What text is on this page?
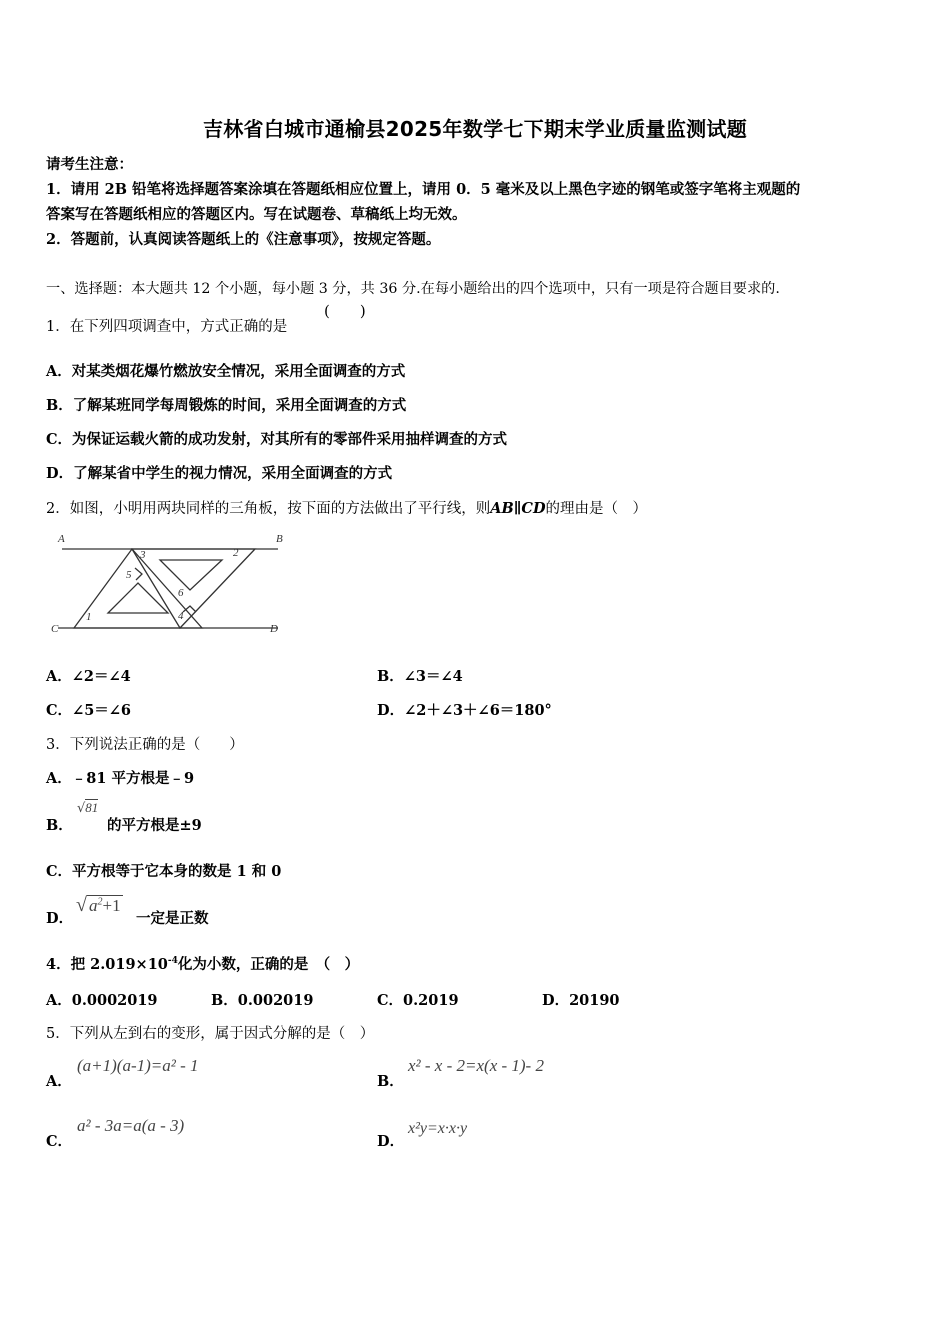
吉林省白城市通榆县2025年数学七下期末学业质量监测试题
请考生注意：
1．请用 2B 铅笔将选择题答案涂填在答题纸相应位置上，请用 0．5 毫米及以上黑色字迹的钢笔或签字笔将主观题的
答案写在答题纸相应的答题区内。写在试题卷、草稿纸上均无效。
2．答题前，认真阅读答题纸上的《注意事项》，按规定答题。
一、选择题：本大题共 12 个小题，每小题 3 分，共 36 分.在每小题给出的四个选项中，只有一项是符合题目要求的.
1．在下列四项调查中，方式正确的是
(　　)
A．对某类烟花爆竹燃放安全情况，采用全面调查的方式
B．了解某班同学每周锻炼的时间，采用全面调查的方式
C．为保证运载火箭的成功发射，对其所有的零部件采用抽样调查的方式
D．了解某省中学生的视力情况，采用全面调查的方式
2．如图，小明用两块同样的三角板，按下面的方法做出了平行线，则AB∥CD的理由是（　）
A	B
C	D
1
2
3
4
5
6
A．∠2＝∠4	B．∠3＝∠4
C．∠5＝∠6	D．∠2＋∠3＋∠6＝180°
3．下列说法正确的是（　　）
A．﹣81 平方根是﹣9
B．
√81
的平方根是±9
C．平方根等于它本身的数是 1 和 0
D．
√ $a^2+1$
一定是正数
4．把 $2.019\times 10^{-4}$化为小数，正确的是　（　）
A．0.0002019	B．0.002019	C．0.2019	D．20190
5．下列从左到右的变形，属于因式分解的是（　）
A．
(a+1)(a-1)=a² - 1
B．
x² - x - 2=x(x - 1)- 2
C．
a² - 3a=a(a - 3)
D．
x²y=x·x·y
